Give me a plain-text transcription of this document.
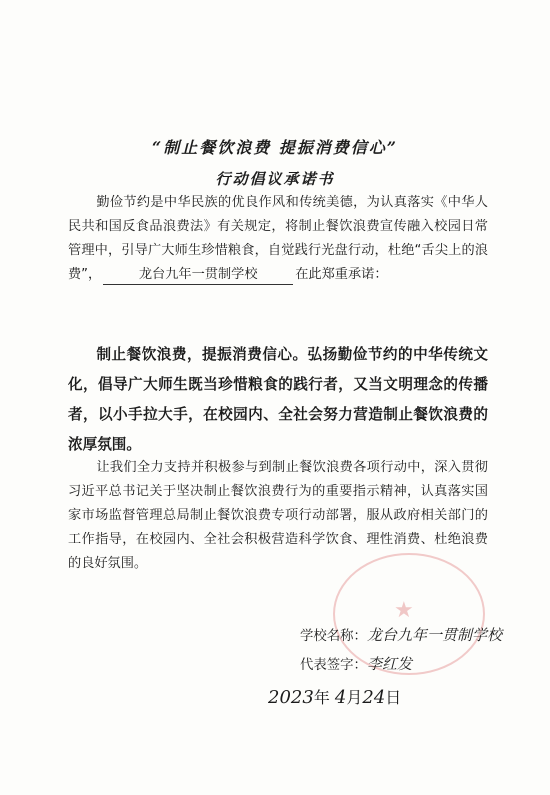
“制止餐饮浪费 提振消费信心”
行动倡议承诺书
勤俭节约是中华民族的优良作风和传统美德，为认真落实《中华人民共和国反食品浪费法》有关规定，将制止餐饮浪费宣传融入校园日常管理中，引导广大师生珍惜粮食，自觉践行光盘行动，杜绝“舌尖上的浪费”，	龙台九年一贯制学校	在此郑重承诺：
制止餐饮浪费，提振消费信心。弘扬勤俭节约的中华传统文化，倡导广大师生既当珍惜粮食的践行者，又当文明理念的传播者，以小手拉大手，在校园内、全社会努力营造制止餐饮浪费的浓厚氛围。
让我们全力支持并积极参与到制止餐饮浪费各项行动中，深入贯彻习近平总书记关于坚决制止餐饮浪费行为的重要指示精神，认真落实国家市场监督管理总局制止餐饮浪费专项行动部署，服从政府相关部门的工作指导，在校园内、全社会积极营造科学饮食、理性消费、杜绝浪费的良好氛围。
★
学校名称：龙台九年一贯制学校
代表签字：李红发
2023年 4月24日
